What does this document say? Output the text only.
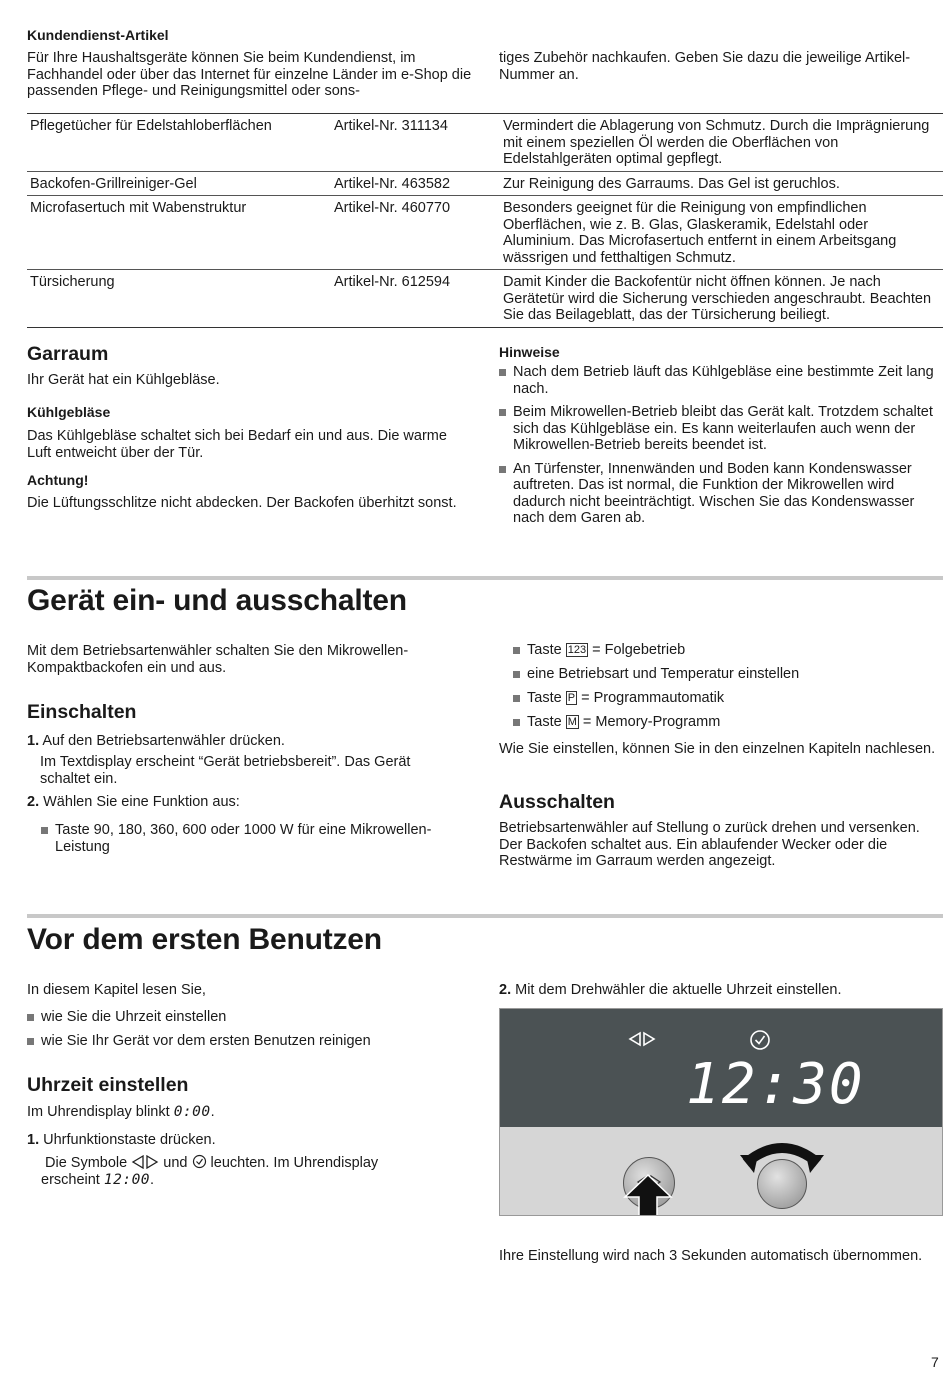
Kundendienst-Artikel

Für Ihre Haushaltsgeräte können Sie beim Kundendienst, im Fachhandel oder über das Internet für einzelne Länder im e-Shop die passenden Pflege- und Reinigungsmittel oder sons-

tiges Zubehör nachkaufen. Geben Sie dazu die jeweilige Artikel-Nummer an.

Pflegetücher für Edelstahloberflächen	Artikel-Nr. 311134	Vermindert die Ablagerung von Schmutz. Durch die Imprägnierung mit einem speziellen Öl werden die Oberflächen von Edelstahlgeräten optimal gepflegt.
Backofen-Grillreiniger-Gel	Artikel-Nr. 463582	Zur Reinigung des Garraums. Das Gel ist geruchlos.
Microfasertuch mit Wabenstruktur	Artikel-Nr. 460770	Besonders geeignet für die Reinigung von empfindlichen Oberflächen, wie z. B. Glas, Glaskeramik, Edelstahl oder Aluminium. Das Microfasertuch entfernt in einem Arbeitsgang wässrigen und fetthaltigen Schmutz.
Türsicherung	Artikel-Nr. 612594	Damit Kinder die Backofentür nicht öffnen können. Je nach Gerätetür wird die Sicherung verschieden angeschraubt. Beachten Sie das Beilageblatt, das der Türsicherung beiliegt.
Garraum

Ihr Gerät hat ein Kühlgebläse.

Kühlgebläse

Das Kühlgebläse schaltet sich bei Bedarf ein und aus. Die warme Luft entweicht über der Tür.

Achtung!

Die Lüftungsschlitze nicht abdecken. Der Backofen überhitzt sonst.

Hinweise
Nach dem Betrieb läuft das Kühlgebläse eine bestimmte Zeit lang nach.
Beim Mikrowellen-Betrieb bleibt das Gerät kalt. Trotzdem schaltet sich das Kühlgebläse ein. Es kann weiterlaufen auch wenn der Mikrowellen-Betrieb bereits beendet ist.
An Türfenster, Innenwänden und Boden kann Kondenswasser auftreten. Das ist normal, die Funktion der Mikrowellen wird dadurch nicht beeinträchtigt. Wischen Sie das Kondenswasser nach dem Garen ab.
Gerät ein- und ausschalten

Mit dem Betriebsartenwähler schalten Sie den Mikrowellen-Kompaktbackofen ein und aus.

Einschalten
1. Auf den Betriebsartenwähler drücken.

Im Textdisplay erscheint “Gerät betriebsbereit”. Das Gerät schaltet ein.

2. Wählen Sie eine Funktion aus:
Taste 90, 180, 360, 600 oder 1000 W für eine Mikrowellen-Leistung
Taste 123 = Folgebetrieb
eine Betriebsart und Temperatur einstellen
Taste P = Programmautomatik
Taste M = Memory-Programm

Wie Sie einstellen, können Sie in den einzelnen Kapiteln nachlesen.

Ausschalten

Betriebsartenwähler auf Stellung o zurück drehen und versenken. Der Backofen schaltet aus. Ein ablaufender Wecker oder die Restwärme im Garraum werden angezeigt.

Vor dem ersten Benutzen

In diesem Kapitel lesen Sie,

wie Sie die Uhrzeit einstellen
wie Sie Ihr Gerät vor dem ersten Benutzen reinigen
Uhrzeit einstellen

Im Uhrendisplay blinkt 0:00.

1. Uhrfunktionstaste drücken.

Die Symbole und leuchten. Im Uhrendisplay erscheint 12:00.

2. Mit dem Drehwähler die aktuelle Uhrzeit einstellen.
12:30

Ihre Einstellung wird nach 3 Sekunden automatisch übernommen.

7
